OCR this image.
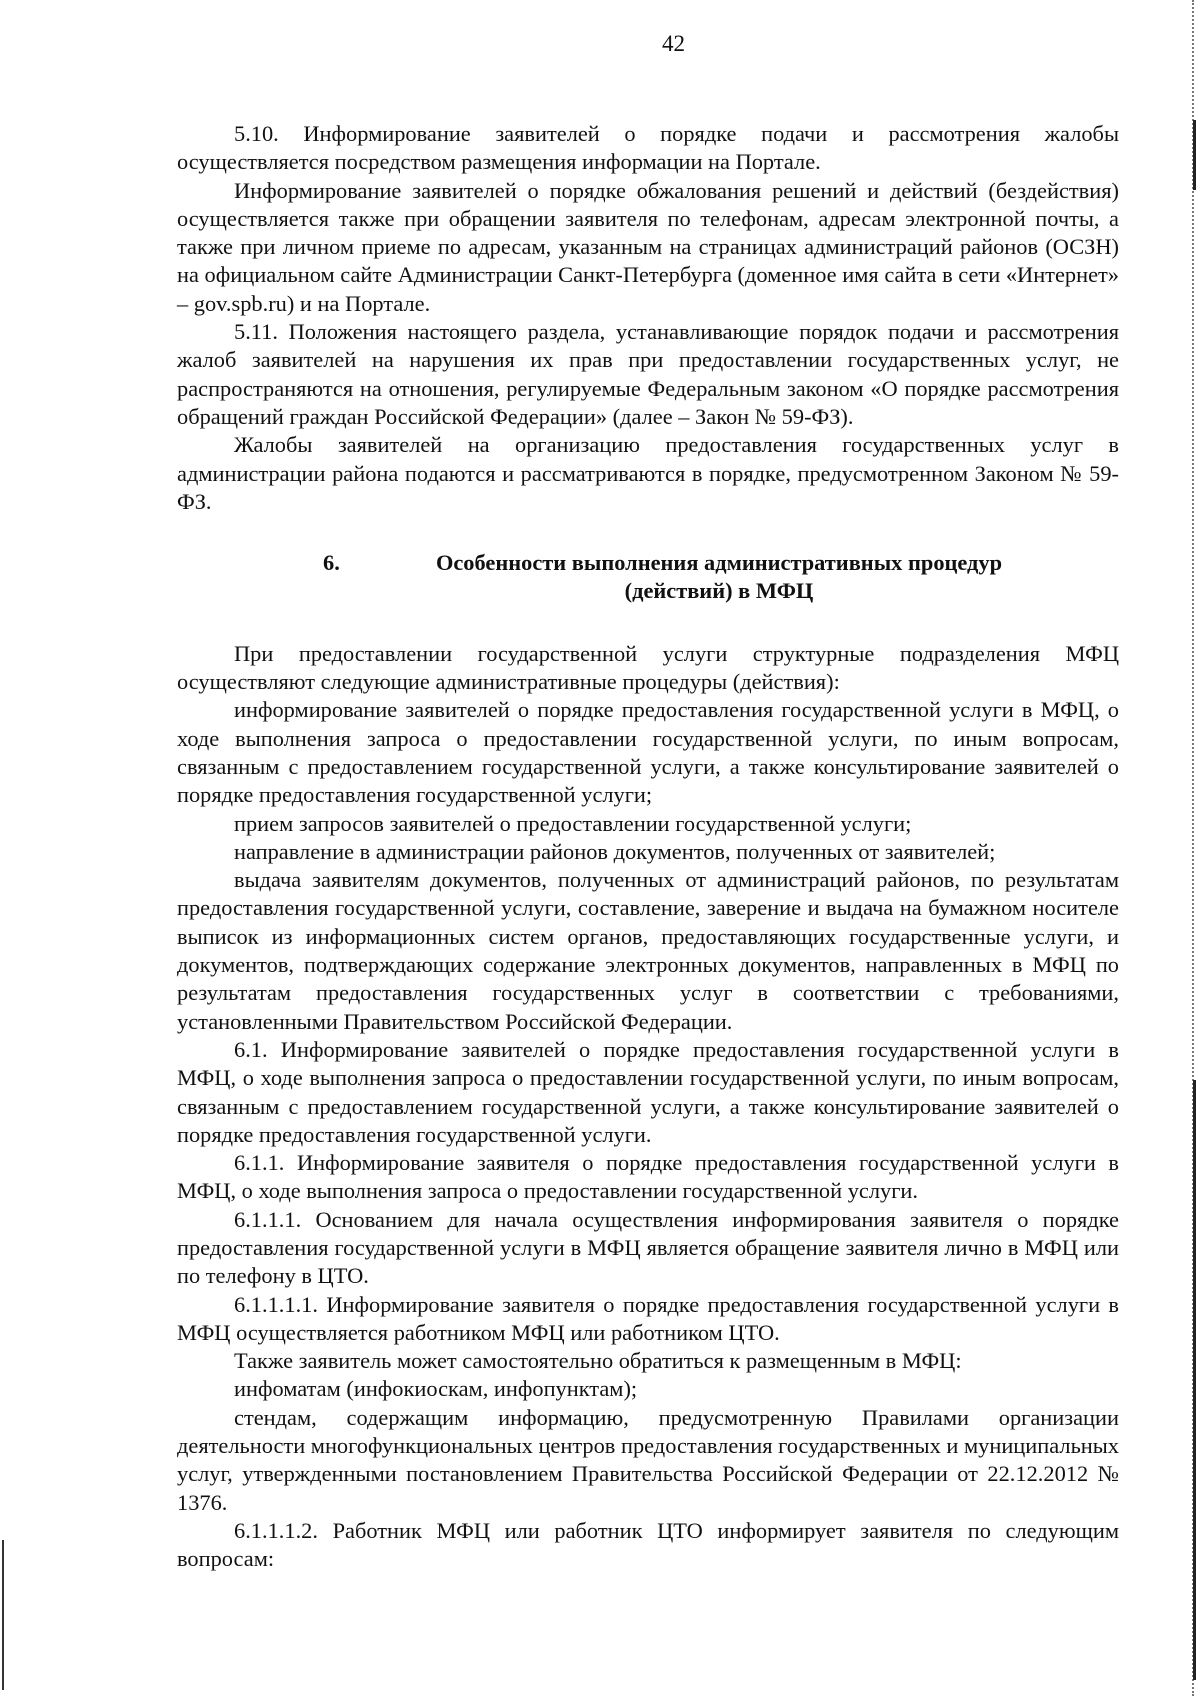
42

5.10. Информирование заявителей о порядке подачи и рассмотрения жалобы осуществляется посредством размещения информации на Портале.

Информирование заявителей о порядке обжалования решений и действий (бездействия) осуществляется также при обращении заявителя по телефонам, адресам электронной почты, а также при личном приеме по адресам, указанным на страницах администраций районов (ОСЗН) на официальном сайте Администрации Санкт-Петербурга (доменное имя сайта в сети «Интернет» – gov.spb.ru) и на Портале.

5.11. Положения настоящего раздела, устанавливающие порядок подачи и рассмотрения жалоб заявителей на нарушения их прав при предоставлении государственных услуг, не распространяются на отношения, регулируемые Федеральным законом «О порядке рассмотрения обращений граждан Российской Федерации» (далее – Закон № 59-ФЗ).

Жалобы заявителей на организацию предоставления государственных услуг в администрации района подаются и рассматриваются в порядке, предусмотренном Законом № 59-ФЗ.

6.	Особенности выполнения административных процедур (действий) в МФЦ

При предоставлении государственной услуги структурные подразделения МФЦ осуществляют следующие административные процедуры (действия):

информирование заявителей о порядке предоставления государственной услуги в МФЦ, о ходе выполнения запроса о предоставлении государственной услуги, по иным вопросам, связанным с предоставлением государственной услуги, а также консультирование заявителей о порядке предоставления государственной услуги;

прием запросов заявителей о предоставлении государственной услуги;

направление в администрации районов документов, полученных от заявителей;

выдача заявителям документов, полученных от администраций районов, по результатам предоставления государственной услуги, составление, заверение и выдача на бумажном носителе выписок из информационных систем органов, предоставляющих государственные услуги, и документов, подтверждающих содержание электронных документов, направленных в МФЦ по результатам предоставления государственных услуг в соответствии с требованиями, установленными Правительством Российской Федерации.

6.1. Информирование заявителей о порядке предоставления государственной услуги в МФЦ, о ходе выполнения запроса о предоставлении государственной услуги, по иным вопросам, связанным с предоставлением государственной услуги, а также консультирование заявителей о порядке предоставления государственной услуги.

6.1.1. Информирование заявителя о порядке предоставления государственной услуги в МФЦ, о ходе выполнения запроса о предоставлении государственной услуги.

6.1.1.1. Основанием для начала осуществления информирования заявителя о порядке предоставления государственной услуги в МФЦ является обращение заявителя лично в МФЦ или по телефону в ЦТО.

6.1.1.1.1. Информирование заявителя о порядке предоставления государственной услуги в МФЦ осуществляется работником МФЦ или работником ЦТО.

Также заявитель может самостоятельно обратиться к размещенным в МФЦ:

инфоматам (инфокиоскам, инфопунктам);

стендам, содержащим информацию, предусмотренную Правилами организации деятельности многофункциональных центров предоставления государственных и муниципальных услуг, утвержденными постановлением Правительства Российской Федерации от 22.12.2012 № 1376.

6.1.1.1.2. Работник МФЦ или работник ЦТО информирует заявителя по следующим вопросам:
